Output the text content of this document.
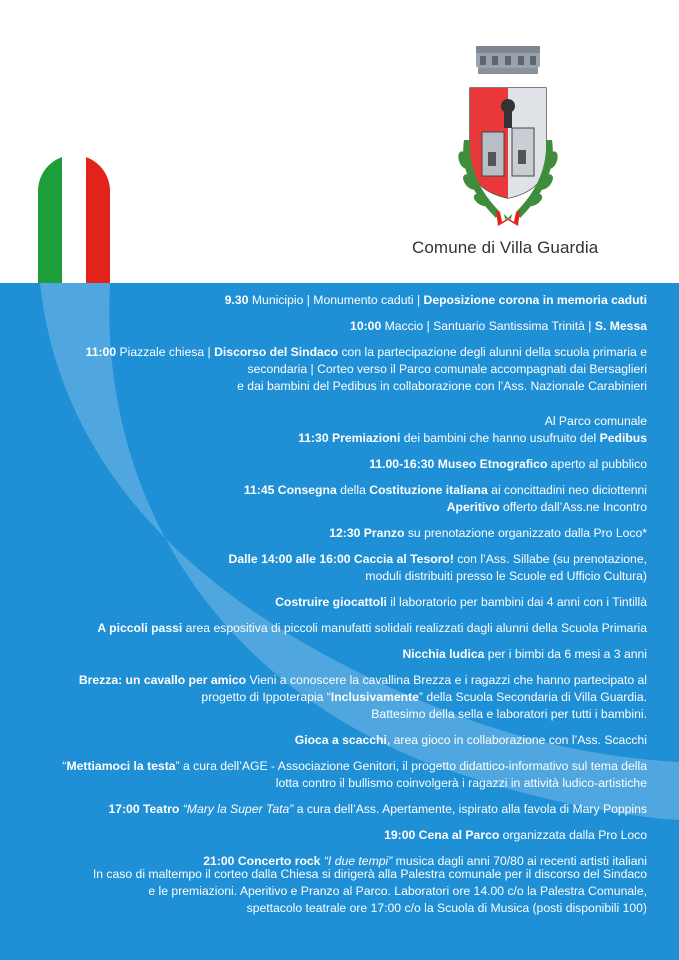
Comune di Villa Guardia
9.30 Municipio | Monumento caduti | Deposizione corona in memoria caduti
10:00 Maccio | Santuario Santissima Trinità | S. Messa
11:00 Piazzale chiesa | Discorso del Sindaco con la partecipazione degli alunni della scuola primaria e
secondaria | Corteo verso il Parco comunale accompagnati dai Bersaglieri
e dai bambini del Pedibus in collaborazione con l’Ass. Nazionale Carabinieri
Al Parco comunale
11:30 Premiazioni dei bambini che hanno usufruito del Pedibus
11.00-16:30 Museo Etnografico aperto al pubblico
11:45 Consegna della Costituzione italiana ai concittadini neo diciottenni
Aperitivo offerto dall’Ass.ne Incontro
12:30 Pranzo su prenotazione organizzato dalla Pro Loco*
Dalle 14:00 alle 16:00 Caccia al Tesoro! con l’Ass. Sillabe (su prenotazione,
moduli distribuiti presso le Scuole ed Ufficio Cultura)
Costruire giocattoli il laboratorio per bambini dai 4 anni con i Tintillà
A piccoli passi area espositiva di piccoli manufatti solidali realizzati dagli alunni della Scuola Primaria
Nicchia ludica per i bimbi da 6 mesi a 3 anni
Brezza: un cavallo per amico Vieni a conoscere la cavallina Brezza e i ragazzi che hanno partecipato al
progetto di Ippoterapia “Inclusivamente” della Scuola Secondaria di Villa Guardia.
Battesimo della sella e laboratori per tutti i bambini.
Gioca a scacchi, area gioco in collaborazione con l’Ass. Scacchi
“Mettiamoci la testa” a cura dell’AGE - Associazione Genitori, il progetto didattico-informativo sul tema della
lotta contro il bullismo coinvolgerà i ragazzi in attività ludico-artistiche
17:00 Teatro “Mary la Super Tata” a cura dell’Ass. Apertamente, ispirato alla favola di Mary Poppins
19:00 Cena al Parco organizzata dalla Pro Loco
21:00 Concerto rock “I due tempi” musica dagli anni 70/80 ai recenti artisti italiani
In caso di maltempo il corteo dalla Chiesa si dirigerà alla Palestra comunale per il discorso del Sindaco
e le premiazioni. Aperitivo e Pranzo al Parco. Laboratori ore 14.00 c/o la Palestra Comunale,
spettacolo teatrale ore 17:00 c/o la Scuola di Musica (posti disponibili 100)
